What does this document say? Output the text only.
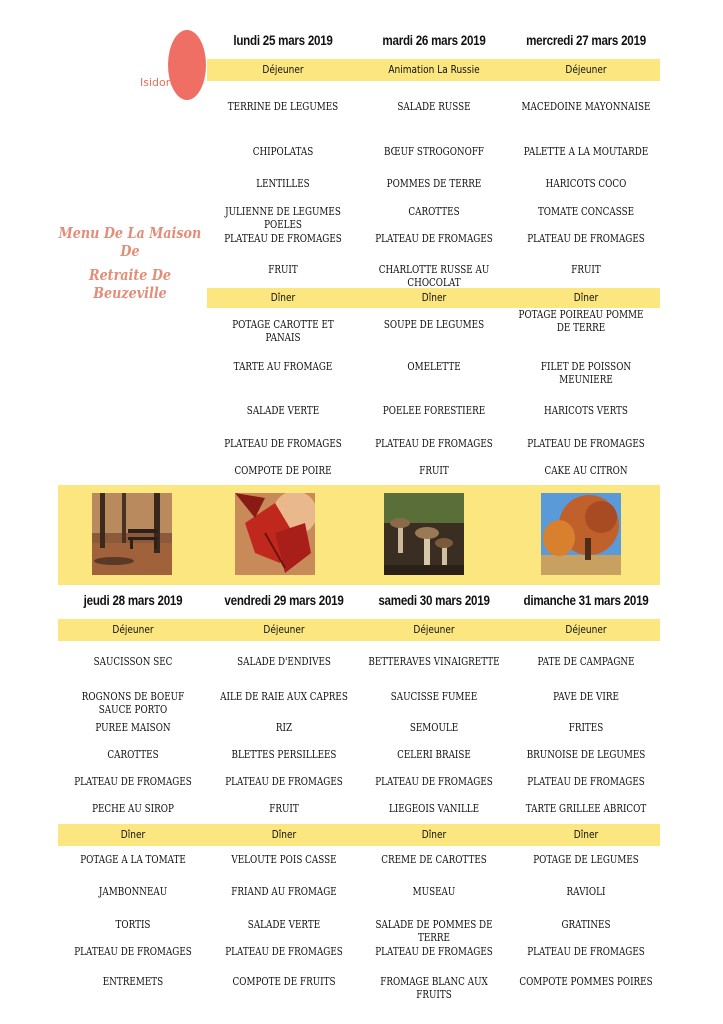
Isidore
Menu De La Maison De
Retraite De Beuzeville
lundi 25 mars 2019
Déjeuner
Dîner
TERRINE DE LEGUMES
CHIPOLATAS
LENTILLES
JULIENNE DE LEGUMES POELES
PLATEAU DE FROMAGES
FRUIT
POTAGE CAROTTE ET PANAIS
TARTE AU FROMAGE
SALADE VERTE
PLATEAU DE FROMAGES
COMPOTE DE POIRE
mardi 26 mars 2019
Animation La Russie
Dîner
SALADE RUSSE
BŒUF STROGONOFF
POMMES DE TERRE
CAROTTES
PLATEAU DE FROMAGES
CHARLOTTE RUSSE AU CHOCOLAT
SOUPE DE LEGUMES
OMELETTE
POELEE FORESTIERE
PLATEAU DE FROMAGES
FRUIT
mercredi 27 mars 2019
Déjeuner
Dîner
MACEDOINE MAYONNAISE
PALETTE A LA MOUTARDE
HARICOTS COCO
TOMATE CONCASSE
PLATEAU DE FROMAGES
FRUIT
POTAGE POIREAU POMME DE TERRE
FILET DE POISSON MEUNIERE
HARICOTS VERTS
PLATEAU DE FROMAGES
CAKE AU CITRON
jeudi 28 mars 2019
Déjeuner
Dîner
SAUCISSON SEC
ROGNONS DE BOEUF SAUCE PORTO
PUREE MAISON
CAROTTES
PLATEAU DE FROMAGES
PECHE AU SIROP
POTAGE A LA TOMATE
JAMBONNEAU
TORTIS
PLATEAU DE FROMAGES
ENTREMETS
vendredi 29 mars 2019
Déjeuner
Dîner
SALADE D'ENDIVES
AILE DE RAIE AUX CAPRES
RIZ
BLETTES PERSILLEES
PLATEAU DE FROMAGES
FRUIT
VELOUTE POIS CASSE
FRIAND AU FROMAGE
SALADE VERTE
PLATEAU DE FROMAGES
COMPOTE DE FRUITS
samedi 30 mars 2019
Déjeuner
Dîner
BETTERAVES VINAIGRETTE
SAUCISSE FUMEE
SEMOULE
CELERI BRAISE
PLATEAU DE FROMAGES
LIEGEOIS VANILLE
CREME DE CAROTTES
MUSEAU
SALADE DE POMMES DE TERRE
PLATEAU DE FROMAGES
FROMAGE BLANC AUX FRUITS
dimanche 31 mars 2019
Déjeuner
Dîner
PATE DE CAMPAGNE
PAVE DE VIRE
FRITES
BRUNOISE DE LEGUMES
PLATEAU DE FROMAGES
TARTE GRILLEE ABRICOT
POTAGE DE LEGUMES
RAVIOLI
GRATINES
PLATEAU DE FROMAGES
COMPOTE POMMES POIRES
